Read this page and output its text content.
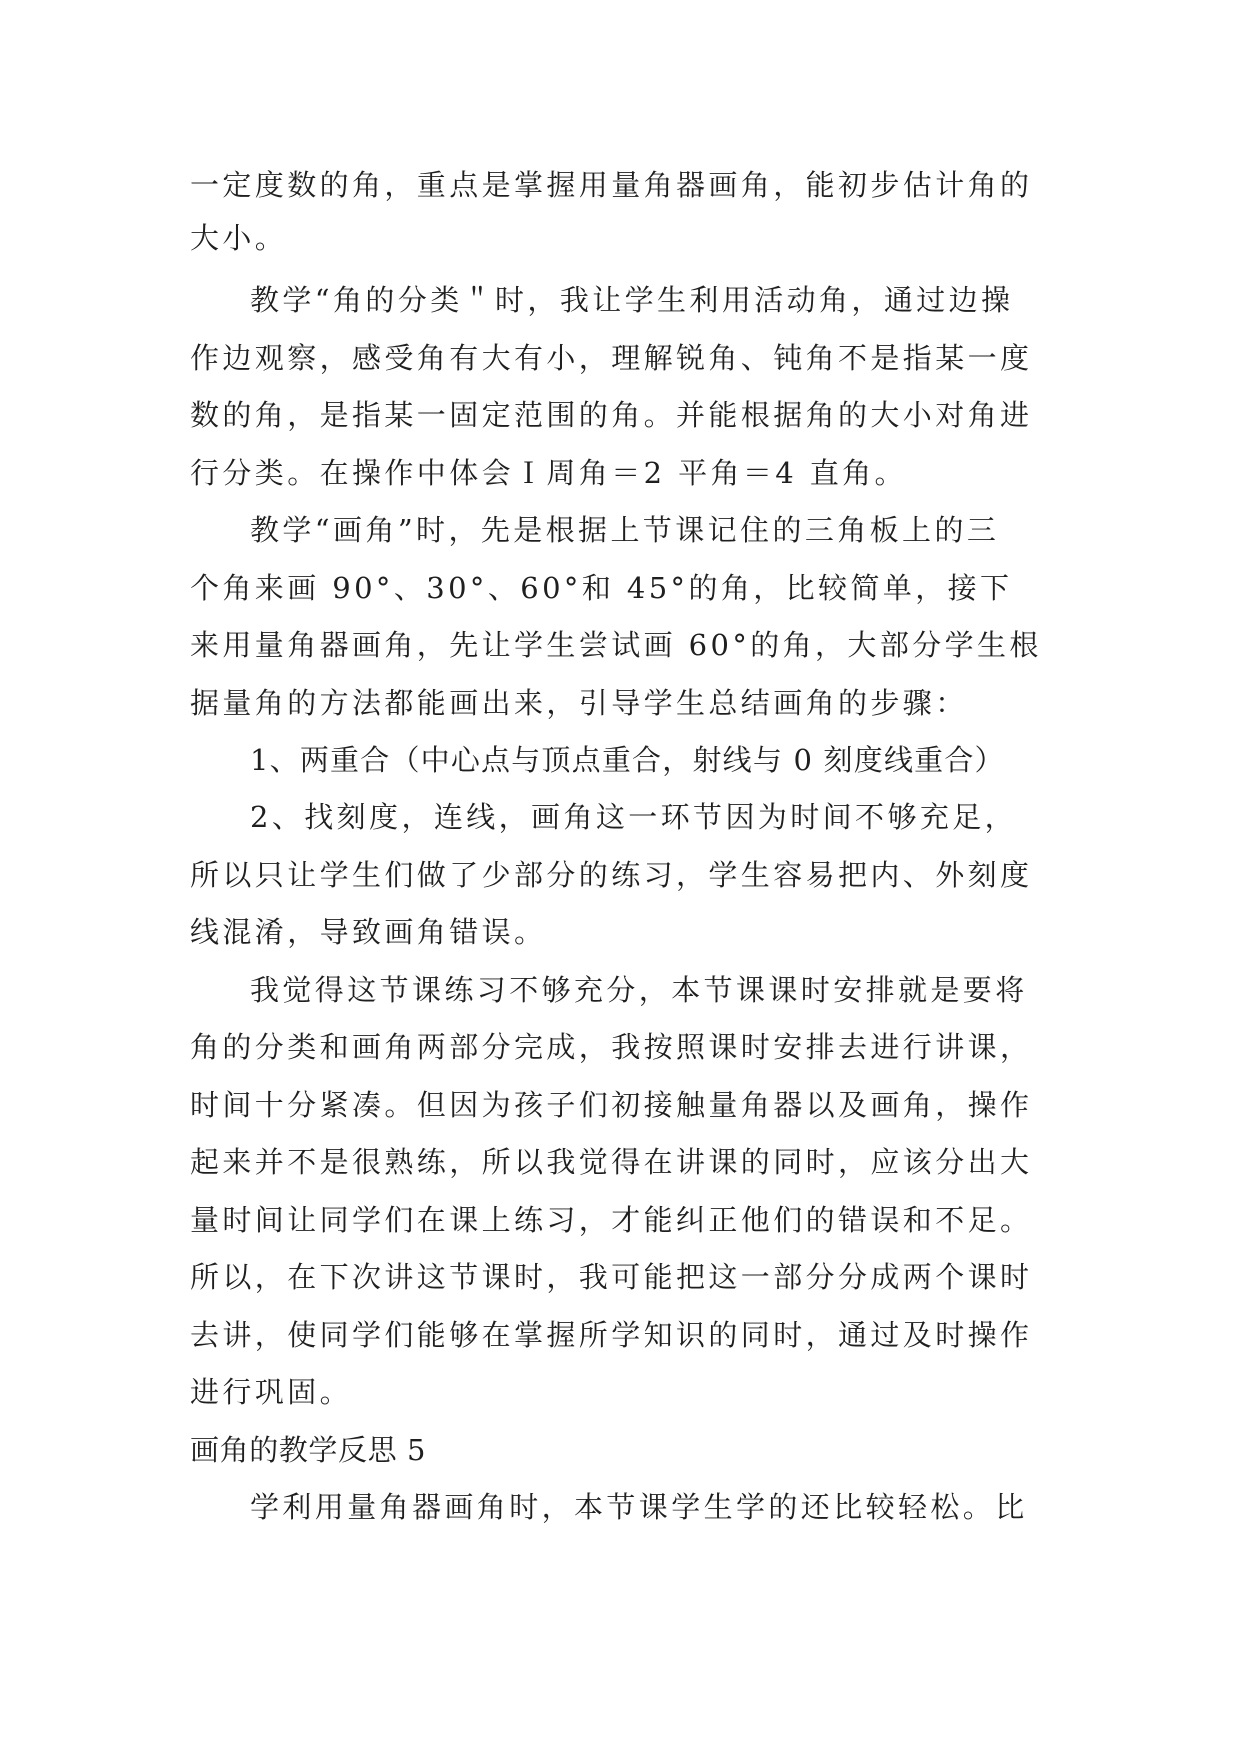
一定度数的角，重点是掌握用量角器画角，能初步估计角的
大小。
教学“角的分类＂时，我让学生利用活动角，通过边操
作边观察，感受角有大有小，理解锐角、钝角不是指某一度
数的角，是指某一固定范围的角。并能根据角的大小对角进
行分类。在操作中体会Ｉ周角＝2 平角＝4 直角。
教学“画角”时，先是根据上节课记住的三角板上的三
个角来画 90°、30°、60°和 45°的角，比较简单，接下
来用量角器画角，先让学生尝试画 60°的角，大部分学生根
据量角的方法都能画出来，引导学生总结画角的步骤：
1、两重合（中心点与顶点重合，射线与 0 刻度线重合）
2、找刻度，连线，画角这一环节因为时间不够充足，
所以只让学生们做了少部分的练习，学生容易把内、外刻度
线混淆，导致画角错误。
我觉得这节课练习不够充分，本节课课时安排就是要将
角的分类和画角两部分完成，我按照课时安排去进行讲课，
时间十分紧凑。但因为孩子们初接触量角器以及画角，操作
起来并不是很熟练，所以我觉得在讲课的同时，应该分出大
量时间让同学们在课上练习，才能纠正他们的错误和不足。
所以，在下次讲这节课时，我可能把这一部分分成两个课时
去讲，使同学们能够在掌握所学知识的同时，通过及时操作
进行巩固。
画角的教学反思 5
学利用量角器画角时，本节课学生学的还比较轻松。比
